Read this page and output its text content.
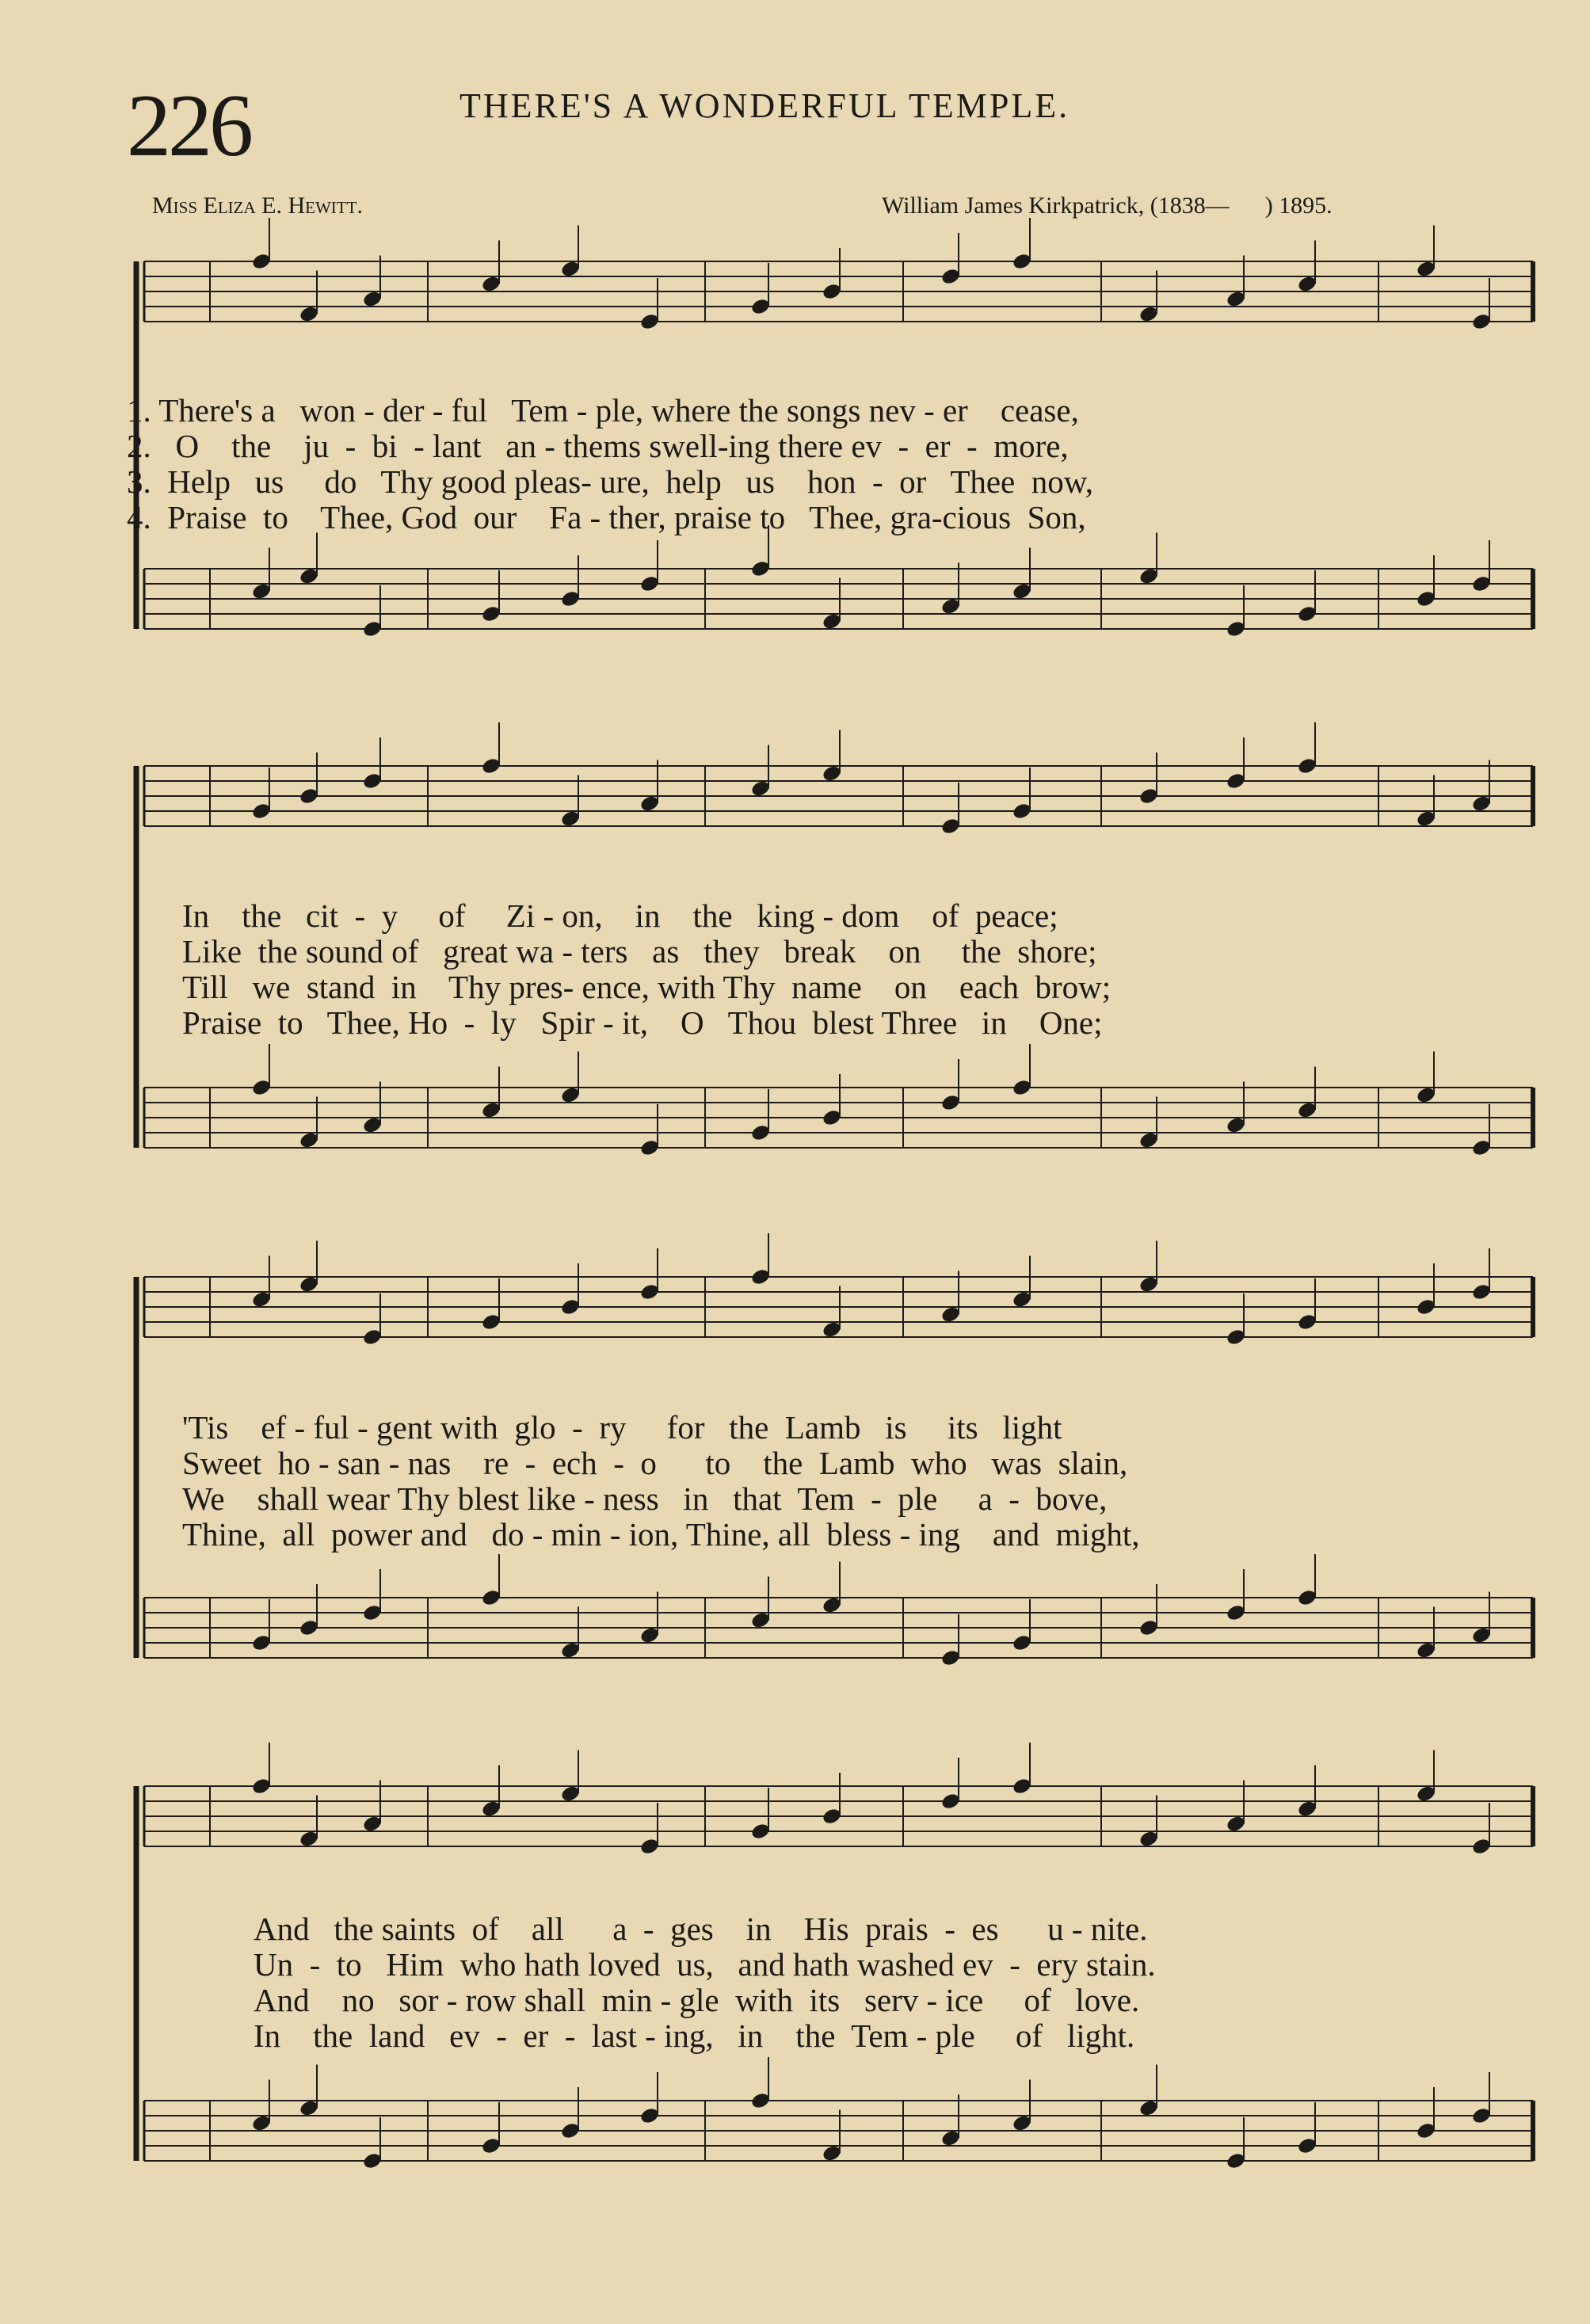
226	THERE'S A WONDERFUL TEMPLE.
Miss Eliza E. Hewitt.	William James Kirkpatrick, (1838—      ) 1895.
1. There's a   won - der - ful   Tem - ple, where the songs nev - er    cease,
2.   O    the    ju  -  bi  - lant   an - thems swell-ing there ev  -  er  -  more,
3.  Help   us     do   Thy good pleas- ure,  help   us    hon  -  or   Thee  now,
4.  Praise  to    Thee, God  our    Fa - ther, praise to   Thee, gra-cious  Son,
In    the   cit  -  y     of     Zi - on,    in    the   king - dom    of  peace;
Like  the sound of   great wa - ters   as   they   break    on     the  shore;
Till   we  stand  in    Thy pres- ence, with Thy  name    on    each  brow;
Praise  to   Thee, Ho  -  ly   Spir - it,    O   Thou  blest Three   in    One;
'Tis    ef - ful - gent with  glo  -  ry     for   the  Lamb   is     its   light
Sweet  ho - san - nas    re  -  ech  -  o      to    the  Lamb  who   was  slain,
We    shall wear Thy blest like - ness   in   that  Tem  -  ple     a  -  bove,
Thine,  all  power and   do - min - ion, Thine, all  bless - ing    and  might,
And   the saints  of    all      a  -  ges    in    His  prais  -  es      u - nite.
Un  -  to   Him  who hath loved  us,   and hath washed ev  -  ery stain.
And    no   sor - row shall  min - gle  with  its   serv - ice     of   love.
In    the  land   ev  -  er  -  last - ing,   in    the  Tem - ple     of   light.
